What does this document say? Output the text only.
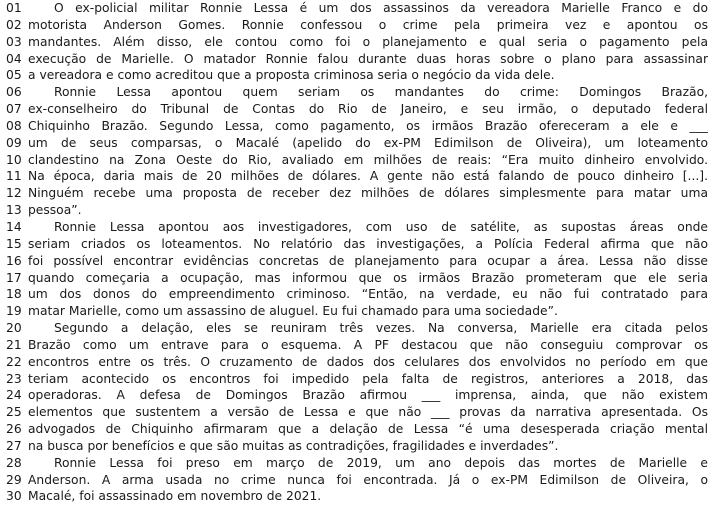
01	O ex-policial militar Ronnie Lessa é um dos assassinos da vereadora Marielle Franco e do
02 motorista Anderson Gomes. Ronnie confessou o crime pela primeira vez e apontou os
03 mandantes. Além disso, ele contou como foi o planejamento e qual seria o pagamento pela
04 execução de Marielle. O matador Ronnie falou durante duas horas sobre o plano para assassinar
05 a vereadora e como acreditou que a proposta criminosa seria o negócio da vida dele.
06	Ronnie Lessa apontou quem seriam os mandantes do crime: Domingos Brazão,
07 ex-conselheiro do Tribunal de Contas do Rio de Janeiro, e seu irmão, o deputado federal
08 Chiquinho Brazão. Segundo Lessa, como pagamento, os irmãos Brazão ofereceram a ele e ___
09 um de seus comparsas, o Macalé (apelido do ex-PM Edimilson de Oliveira), um loteamento
10 clandestino na Zona Oeste do Rio, avaliado em milhões de reais: “Era muito dinheiro envolvido.
11 Na época, daria mais de 20 milhões de dólares. A gente não está falando de pouco dinheiro [...].
12 Ninguém recebe uma proposta de receber dez milhões de dólares simplesmente para matar uma
13 pessoa”.
14	Ronnie Lessa apontou aos investigadores, com uso de satélite, as supostas áreas onde
15 seriam criados os loteamentos. No relatório das investigações, a Polícia Federal afirma que não
16 foi possível encontrar evidências concretas de planejamento para ocupar a área. Lessa não disse
17 quando começaria a ocupação, mas informou que os irmãos Brazão prometeram que ele seria
18 um dos donos do empreendimento criminoso. “Então, na verdade, eu não fui contratado para
19 matar Marielle, como um assassino de aluguel. Eu fui chamado para uma sociedade”.
20	Segundo a delação, eles se reuniram três vezes. Na conversa, Marielle era citada pelos
21 Brazão como um entrave para o esquema. A PF destacou que não conseguiu comprovar os
22 encontros entre os três. O cruzamento de dados dos celulares dos envolvidos no período em que
23 teriam acontecido os encontros foi impedido pela falta de registros, anteriores a 2018, das
24 operadoras. A defesa de Domingos Brazão afirmou ___ imprensa, ainda, que não existem
25 elementos que sustentem a versão de Lessa e que não ___ provas da narrativa apresentada. Os
26 advogados de Chiquinho afirmaram que a delação de Lessa “é uma desesperada criação mental
27 na busca por benefícios e que são muitas as contradições, fragilidades e inverdades”.
28	Ronnie Lessa foi preso em março de 2019, um ano depois das mortes de Marielle e
29 Anderson. A arma usada no crime nunca foi encontrada. Já o ex-PM Edimilson de Oliveira, o
30 Macalé, foi assassinado em novembro de 2021.
